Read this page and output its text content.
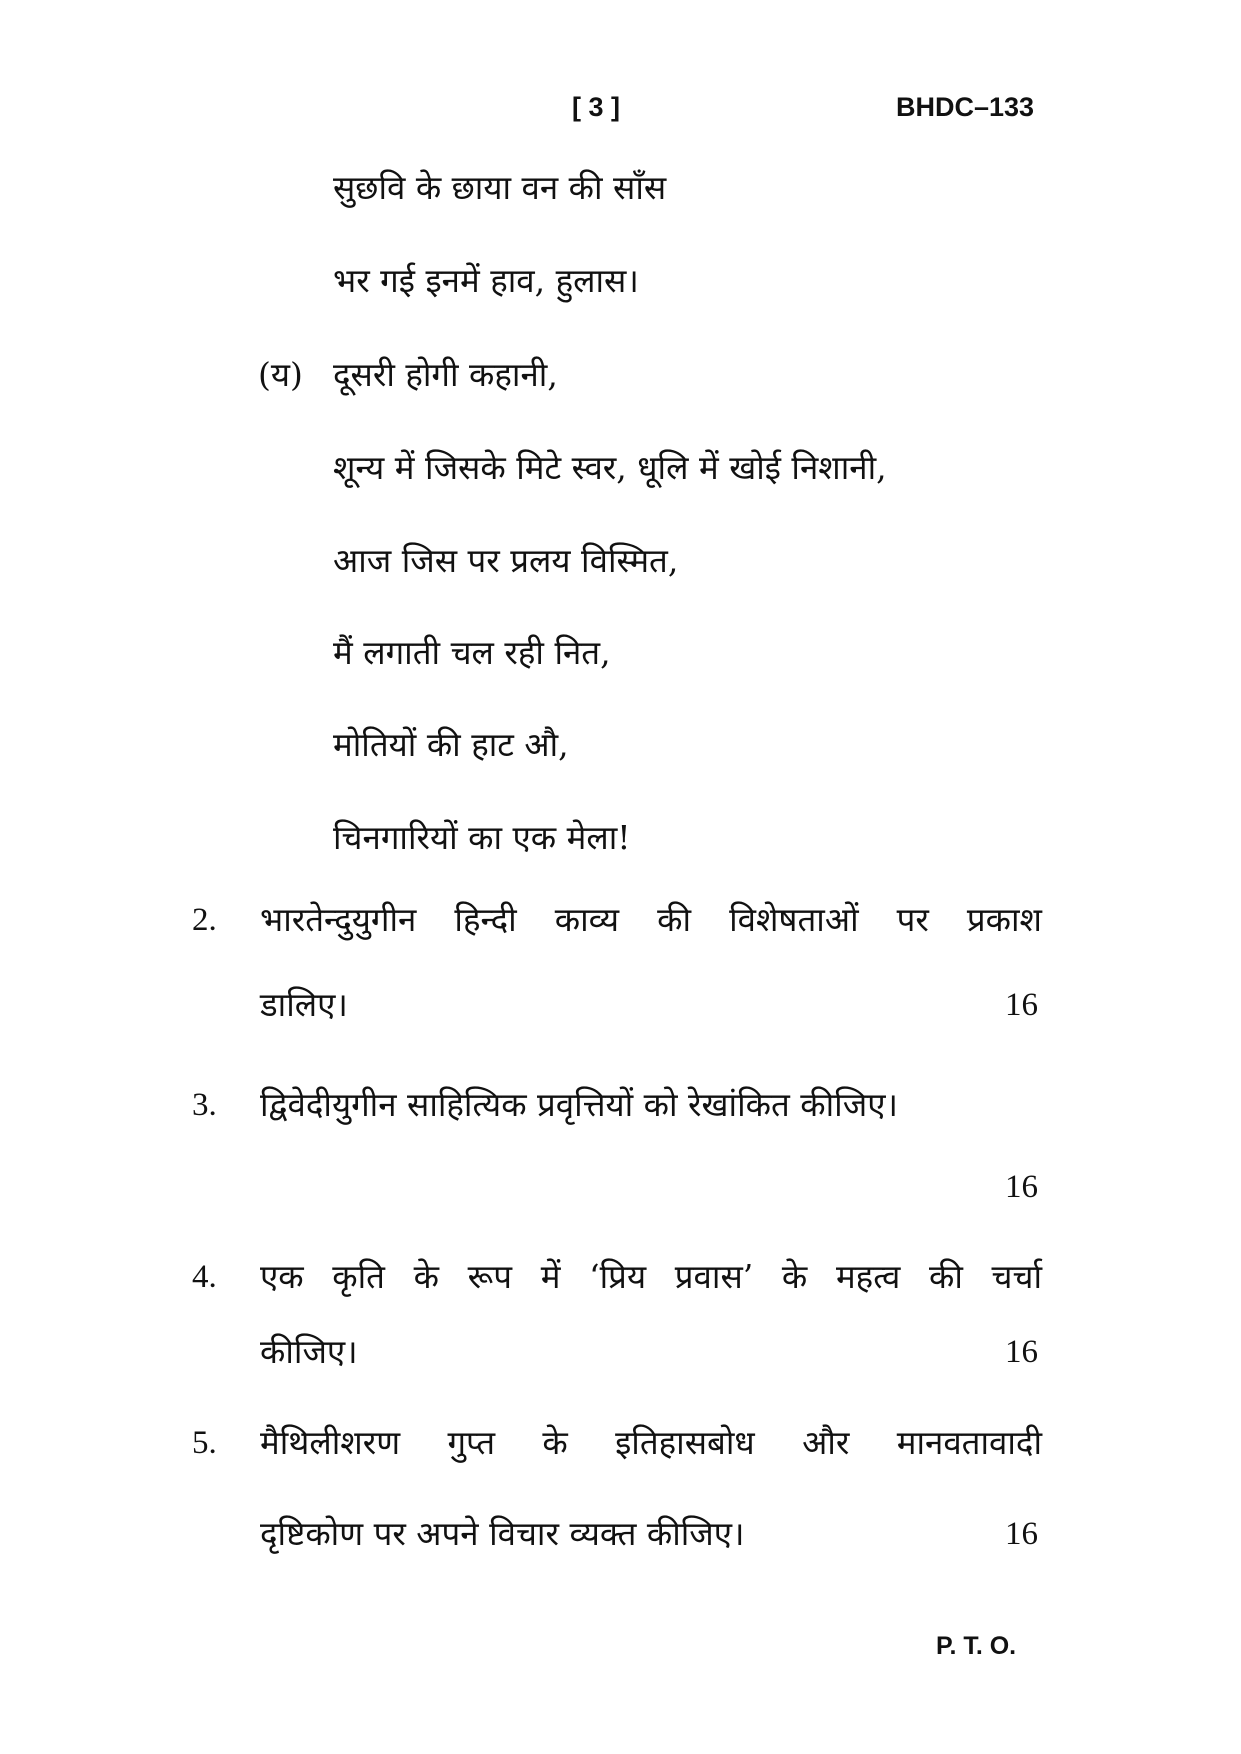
[ 3 ]	BHDC–133
सुछवि के छाया वन की साँस
भर गई इनमें हाव, हुलास।
(य) दूसरी होगी कहानी,
शून्य में जिसके मिटे स्वर, धूलि में खोई निशानी,
आज जिस पर प्रलय विस्मित,
मैं लगाती चल रही नित,
मोतियों की हाट औ,
चिनगारियों का एक मेला!
2. भारतेन्दुयुगीन हिन्दी काव्य की विशेषताओं पर प्रकाश
डालिए।	16
3. द्विवेदीयुगीन साहित्यिक प्रवृत्तियों को रेखांकित कीजिए।
16
4. एक कृति के रूप में ‘प्रिय प्रवास’ के महत्व की चर्चा
कीजिए।	16
5. मैथिलीशरण गुप्त के इतिहासबोध और मानवतावादी
दृष्टिकोण पर अपने विचार व्यक्त कीजिए।	16
P. T. O.
